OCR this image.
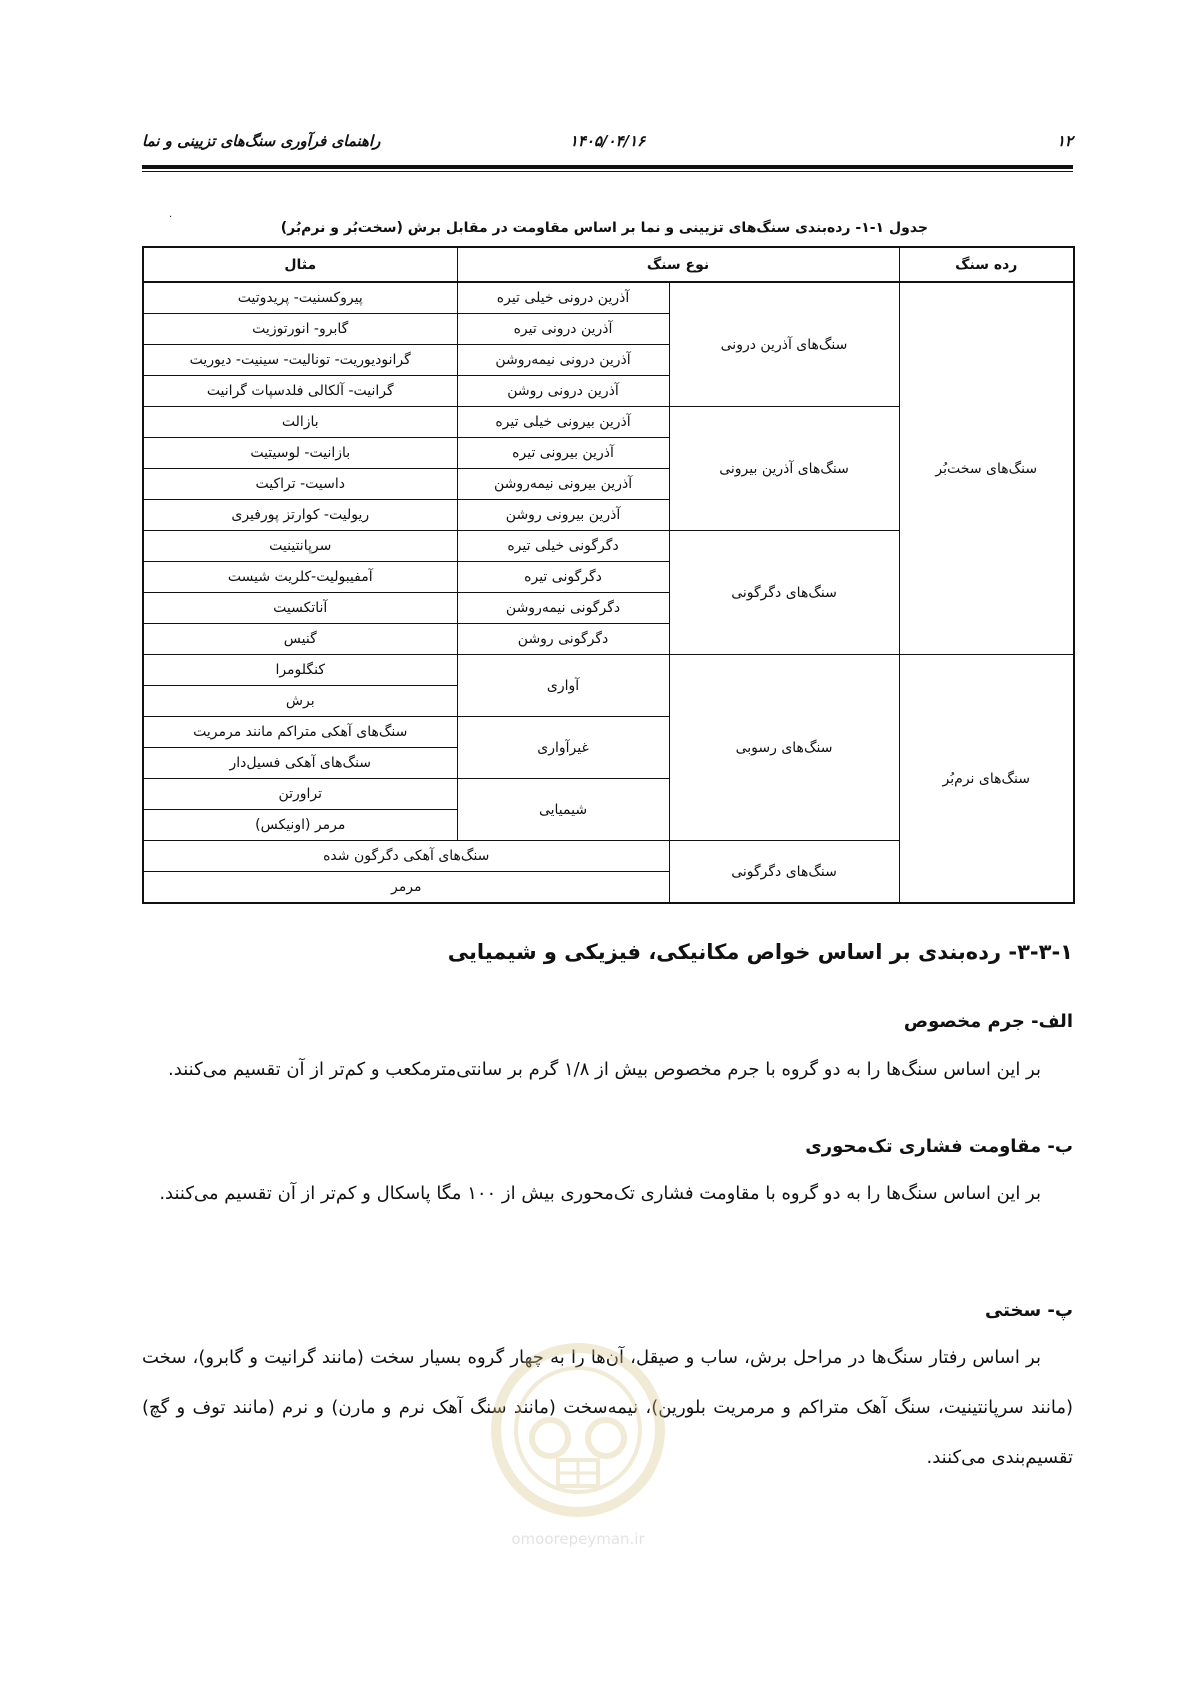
۱۲
۱۴۰۵/۰۴/۱۶
راهنمای فرآوری سنگ‌های تزیینی و نما
·
جدول ۱-۱- رده‌بندی سنگ‌های تزیینی و نما بر اساس مقاومت در مقابل برش (سخت‌بُر و نرم‌بُر)
رده سنگ	نوع سنگ		مثال
سنگ‌های سخت‌بُر	سنگ‌های آذرین درونی	آذرین درونی خیلی تیره	پیروکسنیت- پریدوتیت
		آذرین درونی تیره	گابرو- انورتوزیت
		آذرین درونی نیمه‌روشن	گرانودیوریت- تونالیت- سینیت- دیوریت
		آذرین درونی روشن	گرانیت- آلکالی فلدسپات گرانیت
	سنگ‌های آذرین بیرونی	آذرین بیرونی خیلی تیره	بازالت
		آذرین بیرونی تیره	بازانیت- لوسیتیت
		آذرین بیرونی نیمه‌روشن	داسیت- تراکیت
		آذرین بیرونی روشن	ریولیت- کوارتز پورفیری
	سنگ‌های دگرگونی	دگرگونی خیلی تیره	سرپانتینیت
		دگرگونی تیره	آمفیبولیت-کلریت شیست
		دگرگونی نیمه‌روشن	آناتکسیت
		دگرگونی روشن	گنیس
سنگ‌های نرم‌بُر	سنگ‌های رسوبی	آواری	کنگلومرا
			برش
		غیرآواری	سنگ‌های آهکی متراکم مانند مرمریت
			سنگ‌های آهکی فسیل‌دار
		شیمیایی	تراورتن
			مرمر (اونیکس)
	سنگ‌های دگرگونی	سنگ‌های آهکی دگرگون شده	
		مرمر	
۳-۳-۱- رده‌بندی بر اساس خواص مکانیکی، فیزیکی و شیمیایی
الف- جرم مخصوص

بر این اساس سنگ‌ها را به دو گروه با جرم مخصوص بیش از ۱/۸ گرم بر سانتی‌مترمکعب و کم‌تر از آن تقسیم می‌کنند.

ب- مقاومت فشاری تک‌محوری

بر این اساس سنگ‌ها را به دو گروه با مقاومت فشاری تک‌محوری بیش از ۱۰۰ مگا پاسکال و کم‌تر از آن تقسیم می‌کنند.

پ- سختی

بر اساس رفتار سنگ‌ها در مراحل برش، ساب و صیقل، آن‌ها را به چهار گروه بسیار سخت (مانند گرانیت و گابرو)، سخت (مانند سرپانتینیت، سنگ آهک متراکم و مرمریت بلورین)، نیمه‌سخت (مانند سنگ آهک نرم و مارن) و نرم (مانند توف و گچ) تقسیم‌بندی می‌کنند.

omoorepeyman.ir
